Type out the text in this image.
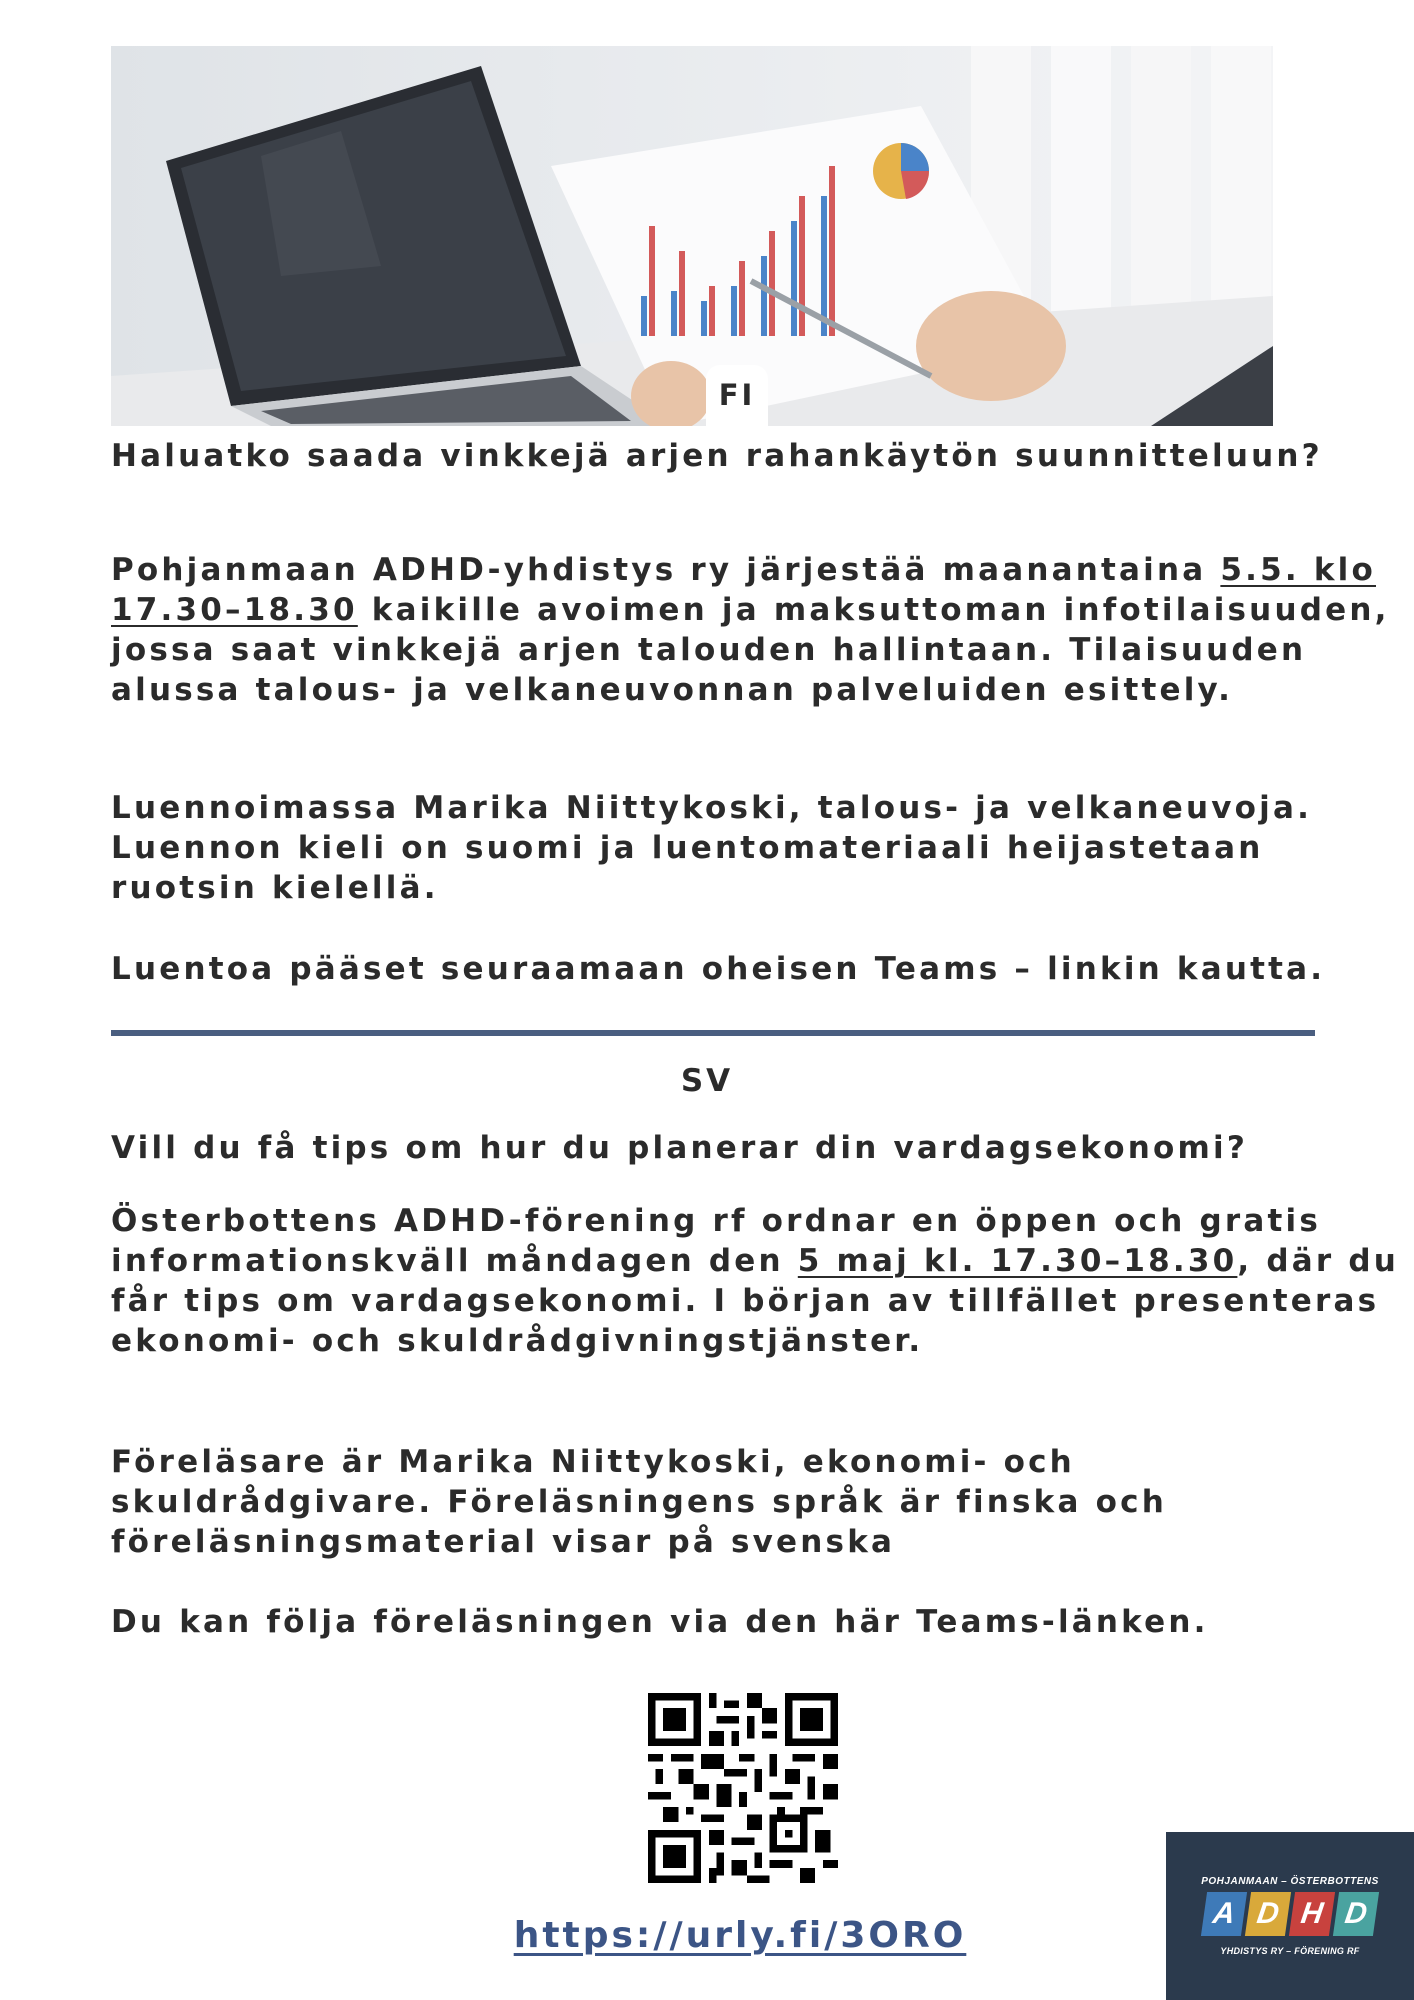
FI
Haluatko saada vinkkejä arjen rahankäytön suunnitteluun?
Pohjanmaan ADHD-yhdistys ry järjestää maanantaina 5.5. klo
17.30–18.30 kaikille avoimen ja maksuttoman infotilaisuuden,
jossa saat vinkkejä arjen talouden hallintaan. Tilaisuuden
alussa talous- ja velkaneuvonnan palveluiden esittely.
Luennoimassa Marika Niittykoski, talous- ja velkaneuvoja.
Luennon kieli on suomi ja luentomateriaali heijastetaan
ruotsin kielellä.
Luentoa pääset seuraamaan oheisen Teams – linkin kautta.
SV
Vill du få tips om hur du planerar din vardagsekonomi?
Österbottens ADHD-förening rf ordnar en öppen och gratis
informationskväll måndagen den 5 maj kl. 17.30–18.30, där du
får tips om vardagsekonomi. I början av tillfället presenteras
ekonomi- och skuldrådgivningstjänster.
Föreläsare är Marika Niittykoski, ekonomi- och
skuldrådgivare. Föreläsningens språk är finska och
föreläsningsmaterial visar på svenska
Du kan följa föreläsningen via den här Teams-länken.
https://urly.fi/3ORO
POHJANMAAN – ÖSTERBOTTENS
A D H D
YHDISTYS RY – FÖRENING RF
